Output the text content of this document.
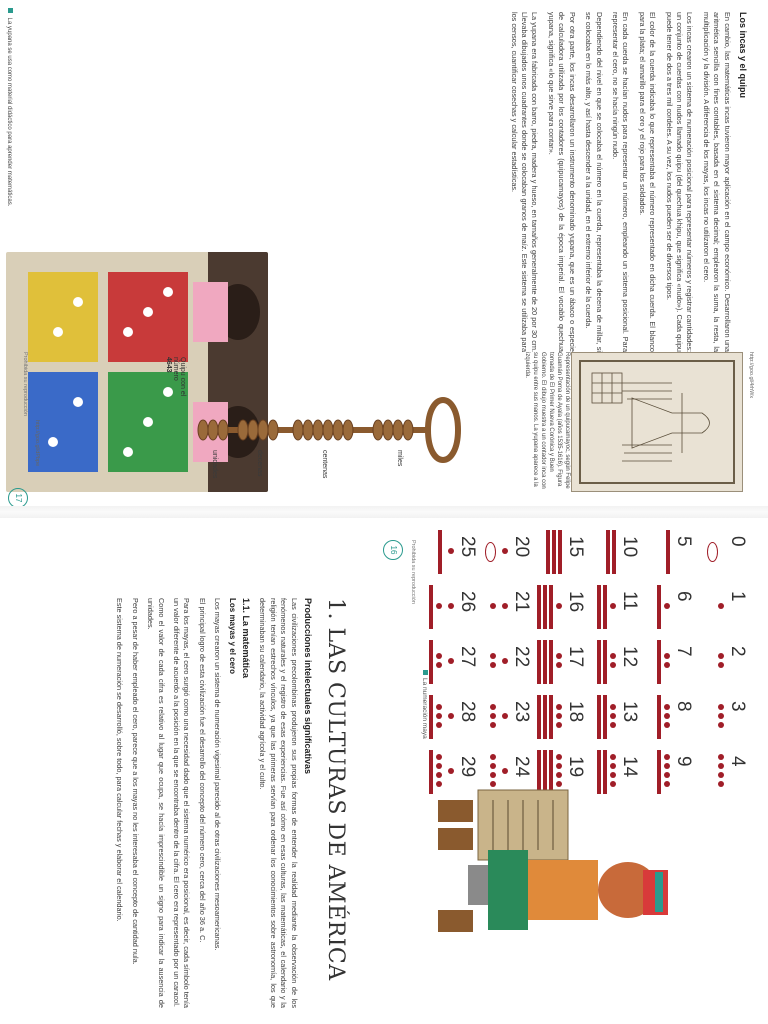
Los incas y el quipu

En cambio, las matemáticas incas tuvieron mayor aplicación en el campo económico. Desarrollaron una aritmética sencilla con fines contables, basada en el sistema decimal; emplearon la suma, la resta, la multiplicación y la división. A diferencia de los mayas, los incas no utilizaron el cero.

Los incas crearon un sistema de numeración posicional para representar números y registrar cantidades: un conjunto de cuerdas con nudos llamado quipu (del quechua khipu, que significa «nudo»). Cada quipu puede tener de dos a tres mil cordeles. A su vez, los nudos pueden ser de diversos tipos.

El color de la cuerda indicaba lo que representaba el número representado en dicha cuerda. El blanco para la plata; el amarillo para el oro y el rojo para los soldados.

En cada cuerda se hacían nudos para representar un número, empleando un sistema posicional. Para representar el cero, no se hacía ningún nudo.

Dependiendo del nivel en que se colocaba el número en la cuerda, representaba la decena de millar, si se colocaba en lo más alto, y así hasta descender a la unidad, en el extremo inferior de la cuerda.

Por otra parte, los incas desarrollaron un instrumento denominado yupana, que es un ábaco o especie de calculadora utilizada por los contadores (quipucamayos) de la época imperial. El vocablo quechua yupana, significa «lo que sirve para contar».

La yupana era fabricada con barro, piedra, madera y hueso, en tamaños generalmente de 20 por 30 cm. Llevaba dibujados unos cuadrantes donde se colocaban granos de maíz. Este sistema se utilizaba para los censos, cuantificar cosechas y calcular estadísticas.

La yupana se usa como material didáctico para aprender matemáticas.
Representación de un quipucamayoc, según Felipe Guamán Poma de Ayala (años 1535-1616). Figura tomada de El Primer Nueva Corónica y Buen Gobierno. El dibujo muestra a un contador inca con su quipu entre sus manos. La yupana aparece a la izquierda.
miles
centenas
decenas
unidades
Quipu con el número 4643	http://goo.gl/4rhWx
Prohibida su reproducción
http://goo.gl/dPbpe
17
0
1
2
3
4
5
6
7
8
9
10
11
12
13
14
15
16
17
18
19
20
21
22
23
24
25
26
27
28
29
1. LAS CULTURAS DE AMÉRICA
Producciones intelectuales significativas
Las civilizaciones precolombinas produjeron sus propias formas de entender la realidad mediante la observación de los fenómenos naturales y el registro de esas experiencias. Fue así cómo en esas culturas, las matemáticas, el calendario y la religión tenían estrechos vínculos, ya que las primeras servían para ordenar los conocimientos sobre astronomía, los que determinaban su calendario, la actividad agrícola y el culto.
1.1. La matemática
Los mayas y el cero
Los mayas crearon un sistema de numeración vigesimal parecido al de otras civilizaciones mesoamericanas.
El principal logro de esta civilización fue el desarrollo del concepto del número cero, cerca del año 36 a. C.
Para los mayas, el cero surgió como una necesidad dado que el sistema numérico era posicional, es decir, cada símbolo tenía un valor diferente de acuerdo a la posición en la que se encontraba dentro de la cifra. El cero era representado por un caracol.
Como el valor de cada cifra es relativo al lugar que ocupa, se hacía imprescindible un signo para indicar la ausencia de unidades.
Pero a pesar de haber empleado el cero, parece que a los mayas no les interesaba el concepto de cantidad nula.
Este sistema de numeración se desarrolló, sobre todo, para calcular fechas y elaborar el calendario.	La numeración maya
Prohibida su reproducción
16
